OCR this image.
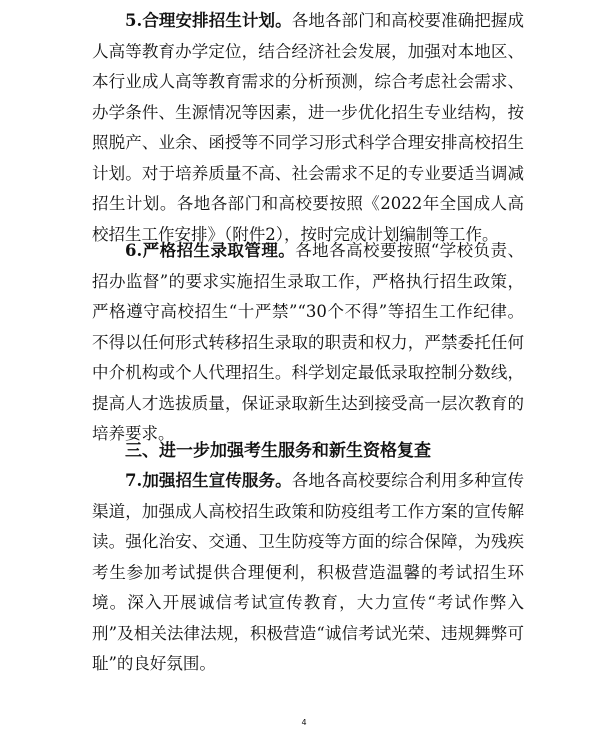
5.合理安排招生计划。各地各部门和高校要准确把握成人高等教育办学定位，结合经济社会发展，加强对本地区、本行业成人高等教育需求的分析预测，综合考虑社会需求、办学条件、生源情况等因素，进一步优化招生专业结构，按照脱产、业余、函授等不同学习形式科学合理安排高校招生计划。对于培养质量不高、社会需求不足的专业要适当调减招生计划。各地各部门和高校要按照《2022年全国成人高校招生工作安排》（附件2），按时完成计划编制等工作。

6.严格招生录取管理。各地各高校要按照“学校负责、招办监督”的要求实施招生录取工作，严格执行招生政策，严格遵守高校招生“十严禁”“30个不得”等招生工作纪律。不得以任何形式转移招生录取的职责和权力，严禁委托任何中介机构或个人代理招生。科学划定最低录取控制分数线，提高人才选拔质量，保证录取新生达到接受高一层次教育的培养要求。

三、进一步加强考生服务和新生资格复查

7.加强招生宣传服务。各地各高校要综合利用多种宣传渠道，加强成人高校招生政策和防疫组考工作方案的宣传解读。强化治安、交通、卫生防疫等方面的综合保障，为残疾考生参加考试提供合理便利，积极营造温馨的考试招生环境。深入开展诚信考试宣传教育，大力宣传“考试作弊入刑”及相关法律法规，积极营造“诚信考试光荣、违规舞弊可耻”的良好氛围。

4
